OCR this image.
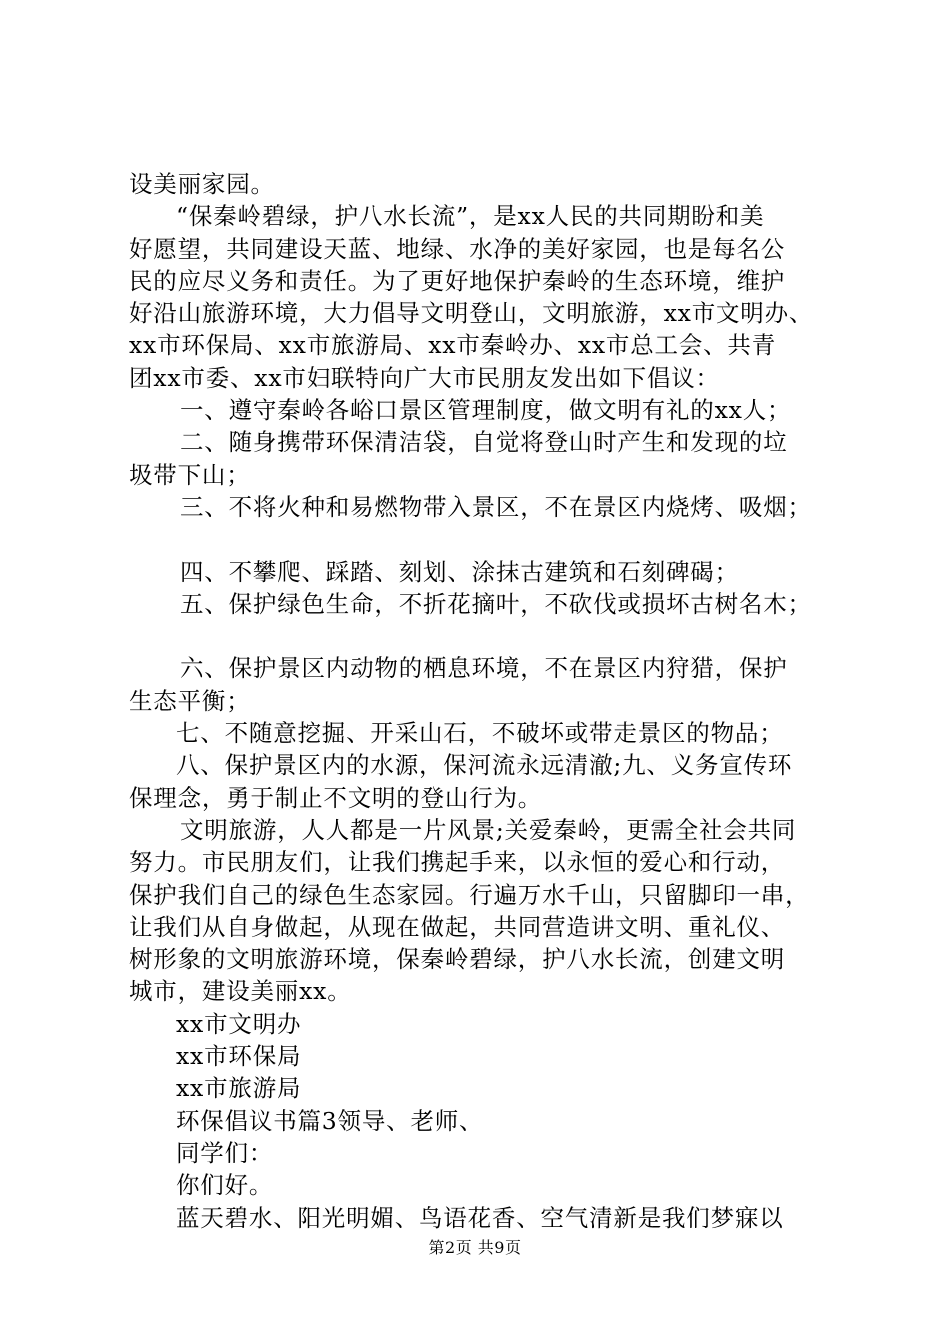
设美丽家园。
“保秦岭碧绿，护八水长流”，是xx人民的共同期盼和美
好愿望，共同建设天蓝、地绿、水净的美好家园，也是每名公
民的应尽义务和责任。为了更好地保护秦岭的生态环境，维护
好沿山旅游环境，大力倡导文明登山，文明旅游，xx市文明办、
xx市环保局、xx市旅游局、xx市秦岭办、xx市总工会、共青
团xx市委、xx市妇联特向广大市民朋友发出如下倡议：
一、遵守秦岭各峪口景区管理制度，做文明有礼的xx人；
二、随身携带环保清洁袋，自觉将登山时产生和发现的垃
圾带下山；
三、不将火种和易燃物带入景区，不在景区内烧烤、吸烟；
四、不攀爬、踩踏、刻划、涂抹古建筑和石刻碑碣；
五、保护绿色生命，不折花摘叶，不砍伐或损坏古树名木；
六、保护景区内动物的栖息环境，不在景区内狩猎，保护
生态平衡；
七、不随意挖掘、开采山石，不破坏或带走景区的物品；
八、保护景区内的水源，保河流永远清澈;九、义务宣传环
保理念，勇于制止不文明的登山行为。
文明旅游，人人都是一片风景;关爱秦岭，更需全社会共同
努力。市民朋友们，让我们携起手来，以永恒的爱心和行动，
保护我们自己的绿色生态家园。行遍万水千山，只留脚印一串，
让我们从自身做起，从现在做起，共同营造讲文明、重礼仪、
树形象的文明旅游环境，保秦岭碧绿，护八水长流，创建文明
城市，建设美丽xx。
xx市文明办
xx市环保局
xx市旅游局
环保倡议书篇3领导、老师、
同学们：
你们好。
蓝天碧水、阳光明媚、鸟语花香、空气清新是我们梦寐以
第2页 共9页
